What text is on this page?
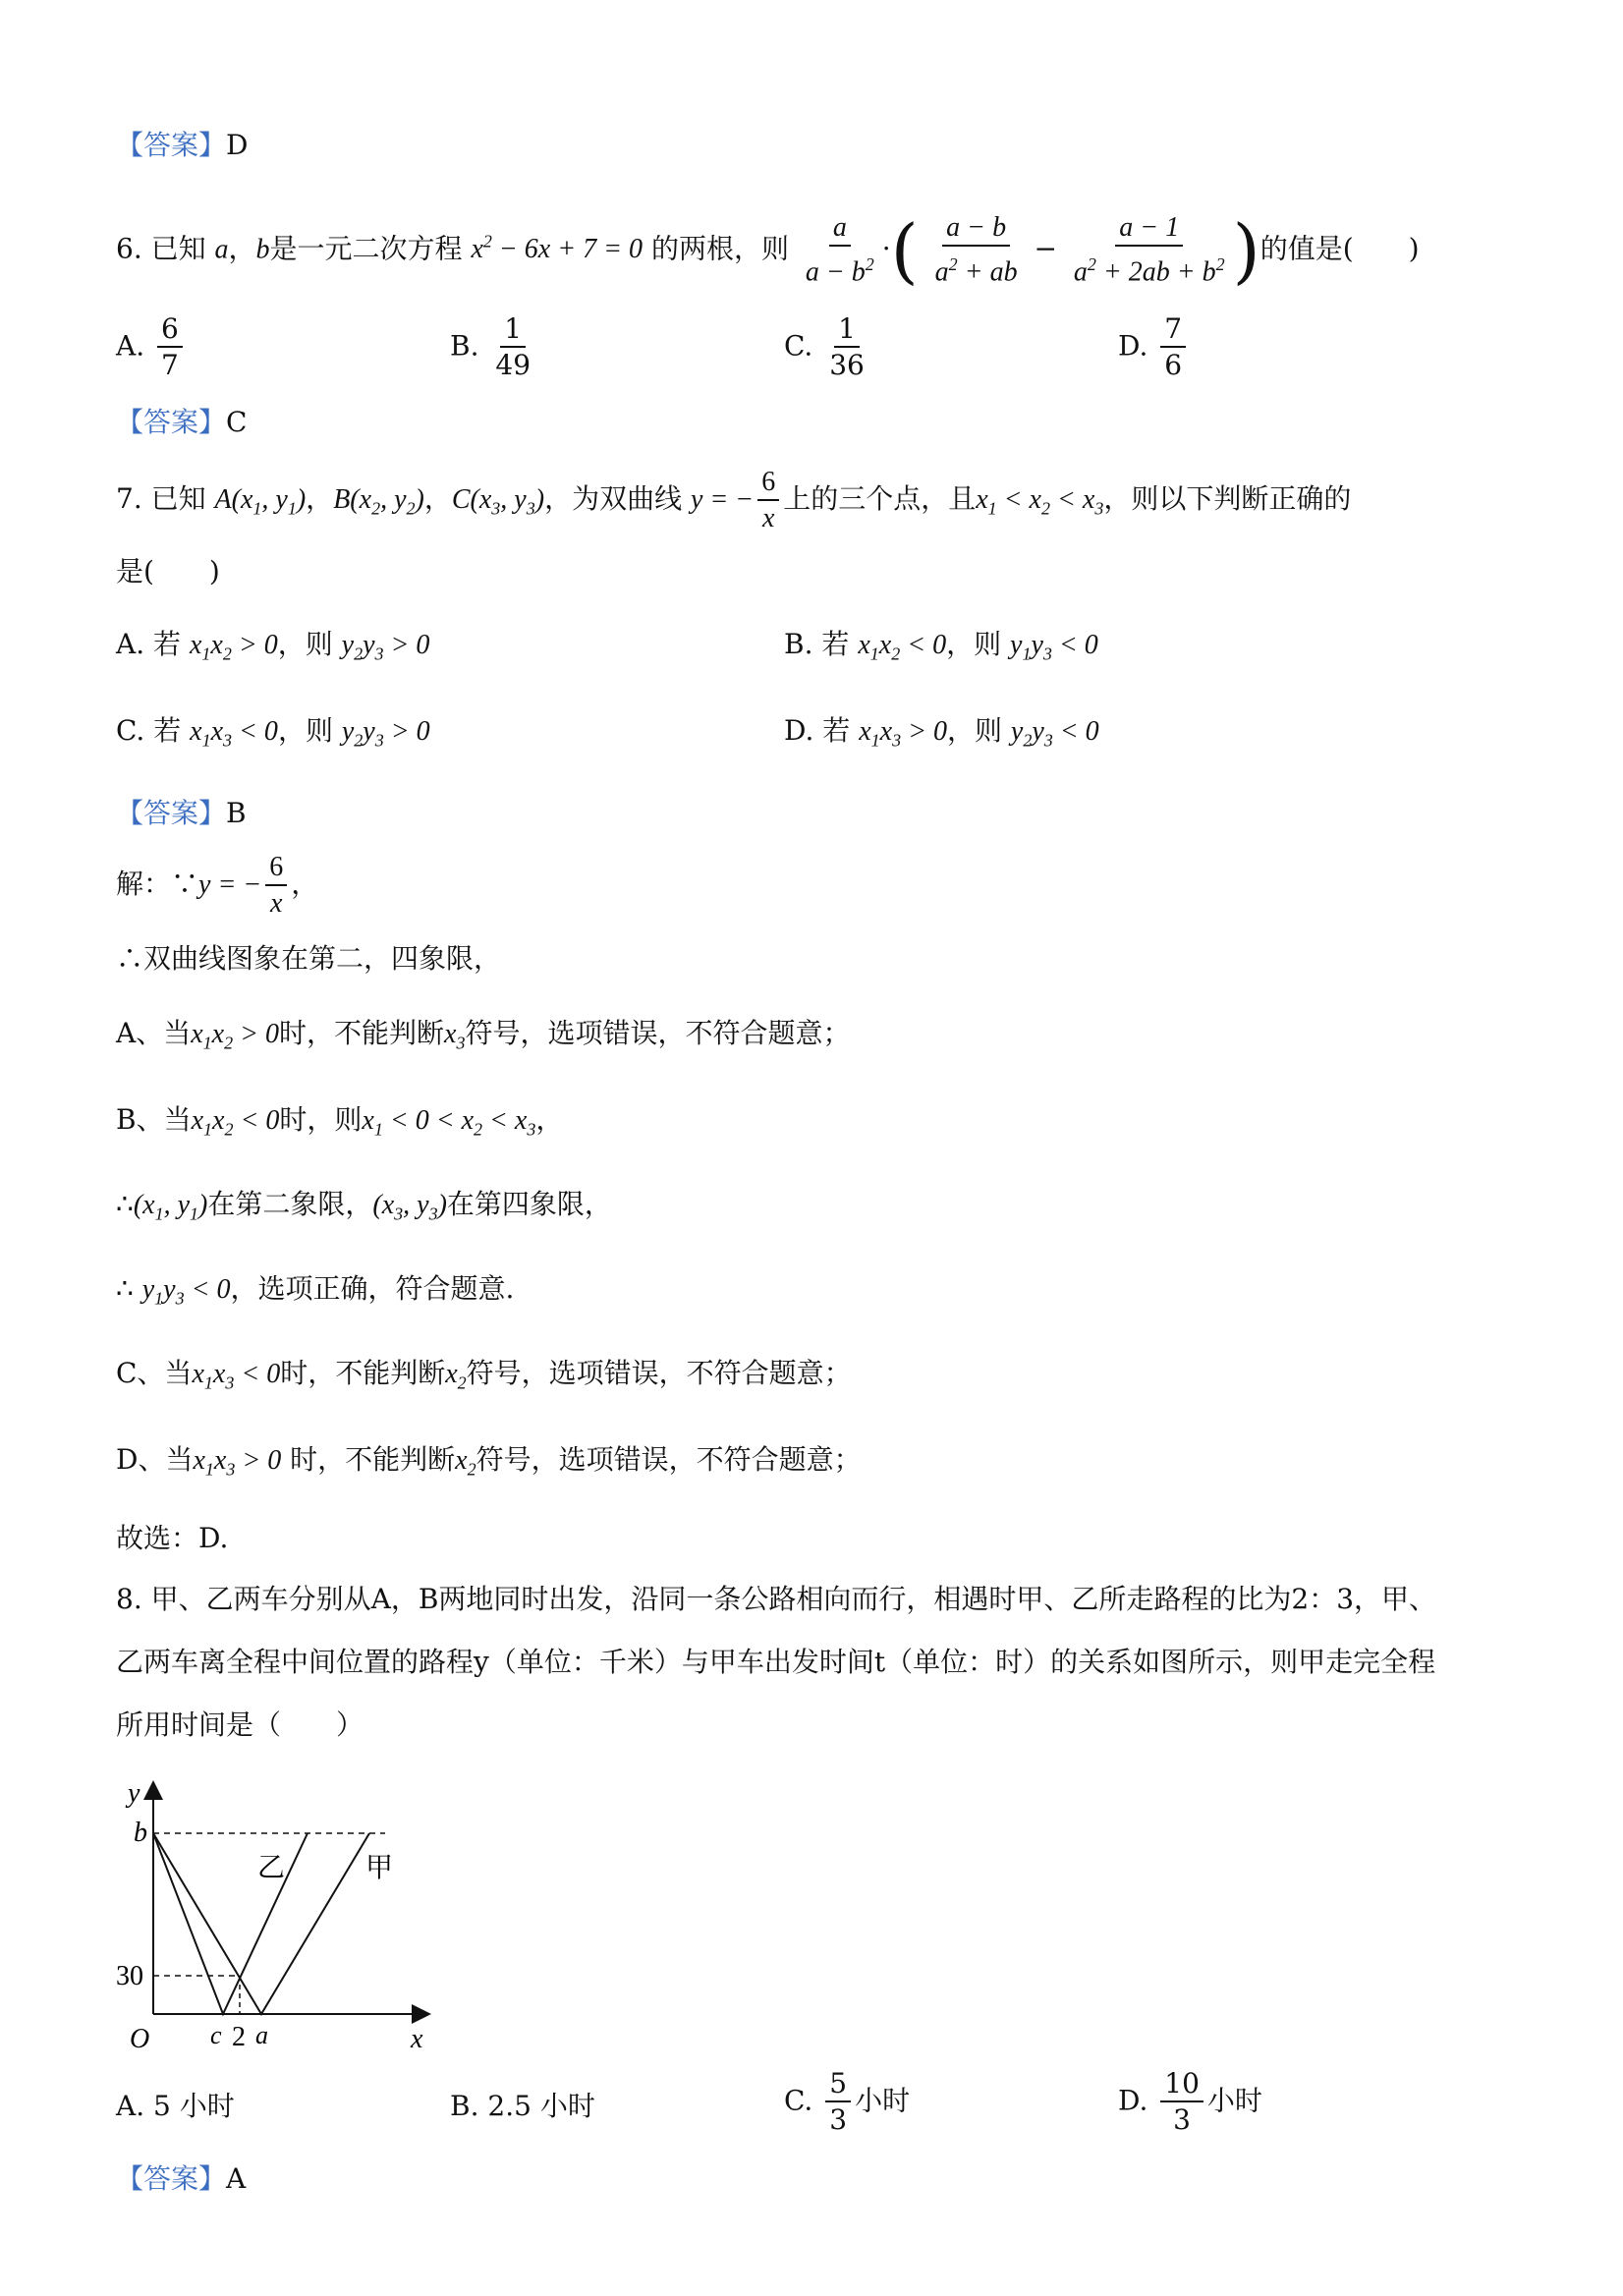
【答案】D
6. 已知 a，b是一元二次方程 $x^2 - 6x + 7 = 0$ 的两根，则 $\frac{a}{a - b^2}$ ·( $\frac{a - b}{a^2 + ab} - \frac{a - 1}{a^2 + 2ab + b^2}$ )的值是(　　)
A. $\frac{6}{7}$	B. $\frac{1}{49}$	C. $\frac{1}{36}$	D. $\frac{7}{6}$
【答案】C
7. 已知 $A(x_1$, $y_1$)，$B(x_2$, $y_2$)，$C(x_3$, $y_3$)，为双曲线 y = − $\frac{6}{x}$ 上的三个点，且$x_1 < x_2 < x_3$，则以下判断正确的
是(　　)
A. 若 $x_1x_2 > 0$，则 $y_2y_3 > 0$	B. 若 $x_1x_2 < 0$，则 $y_1y_3 < 0$
C. 若 $x_1x_3 < 0$，则 $y_2y_3 > 0$	D. 若 $x_1x_3 > 0$，则 $y_2y_3 < 0$
【答案】B
解：∵y = − $\frac{6}{x}$ ，
∴双曲线图象在第二，四象限，
A、当$x_1x_2 > 0$时，不能判断$x_3$符号，选项错误，不符合题意；
B、当$x_1x_2 < 0$时，则$x_1 < 0 < x_2 < x_3$，
$\therefore(x_1$, $y_1$)在第二象限，($x_3$, $y_3$)在第四象限，
∴ $y_1y_3 < 0$，选项正确，符合题意.
C、当$x_1x_3 < 0$时，不能判断$x_2$符号，选项错误，不符合题意；
D、当$x_1x_3 > 0$ 时，不能判断$x_2$符号，选项错误，不符合题意；
故选：D.
8. 甲、乙两车分别从A，B两地同时出发，沿同一条公路相向而行，相遇时甲、乙所走路程的比为2：3，甲、
乙两车离全程中间位置的路程y（单位：千米）与甲车出发时间t（单位：时）的关系如图所示，则甲走完全程
所用时间是（　　）
y
x
O
b
30
c 2 a
乙	甲
A. 5 小时	B. 2.5 小时	C. $\frac{5}{3}$ 小时	D. $\frac{10}{3}$ 小时
【答案】A
